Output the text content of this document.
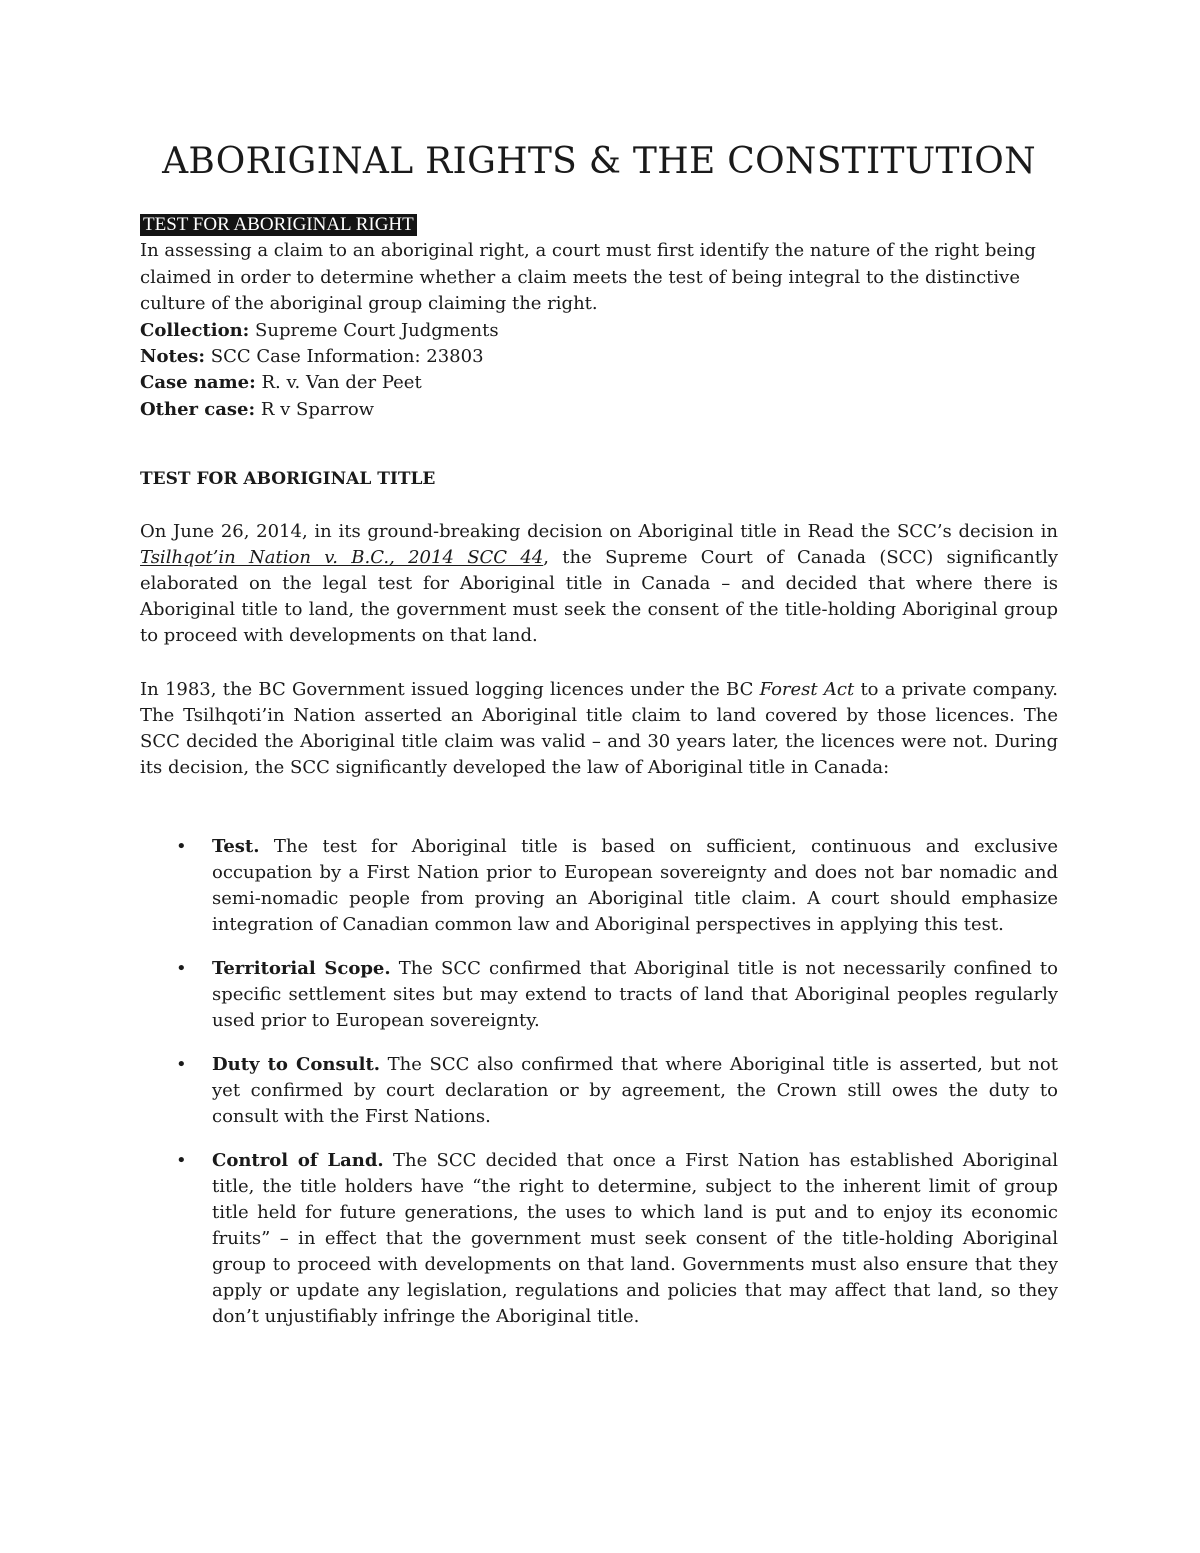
ABORIGINAL RIGHTS & THE CONSTITUTION
TEST FOR ABORIGINAL RIGHT

In assessing a claim to an aboriginal right, a court must first identify the nature of the right being claimed in order to determine whether a claim meets the test of being integral to the distinctive culture of the aboriginal group claiming the right.

Collection: Supreme Court Judgments
Notes: SCC Case Information: 23803
Case name: R. v. Van der Peet
Other case: R v Sparrow
TEST FOR ABORIGINAL TITLE

On June 26, 2014, in its ground-breaking decision on Aboriginal title in Read the SCC’s decision in Tsilhqot’in Nation v. B.C., 2014 SCC 44, the Supreme Court of Canada (SCC) significantly elaborated on the legal test for Aboriginal title in Canada – and decided that where there is Aboriginal title to land, the government must seek the consent of the title-holding Aboriginal group to proceed with developments on that land.

In 1983, the BC Government issued logging licences under the BC Forest Act to a private company. The Tsilhqoti’in Nation asserted an Aboriginal title claim to land covered by those licences. The SCC decided the Aboriginal title claim was valid – and 30 years later, the licences were not. During its decision, the SCC significantly developed the law of Aboriginal title in Canada:

• Test. The test for Aboriginal title is based on sufficient, continuous and exclusive occupation by a First Nation prior to European sovereignty and does not bar nomadic and semi-nomadic people from proving an Aboriginal title claim. A court should emphasize integration of Canadian common law and Aboriginal perspectives in applying this test.
• Territorial Scope. The SCC confirmed that Aboriginal title is not necessarily confined to specific settlement sites but may extend to tracts of land that Aboriginal peoples regularly used prior to European sovereignty.
• Duty to Consult. The SCC also confirmed that where Aboriginal title is asserted, but not yet confirmed by court declaration or by agreement, the Crown still owes the duty to consult with the First Nations.
• Control of Land. The SCC decided that once a First Nation has established Aboriginal title, the title holders have “the right to determine, subject to the inherent limit of group title held for future generations, the uses to which land is put and to enjoy its economic fruits” – in effect that the government must seek consent of the title-holding Aboriginal group to proceed with developments on that land. Governments must also ensure that they apply or update any legislation, regulations and policies that may affect that land, so they don’t unjustifiably infringe the Aboriginal title.
